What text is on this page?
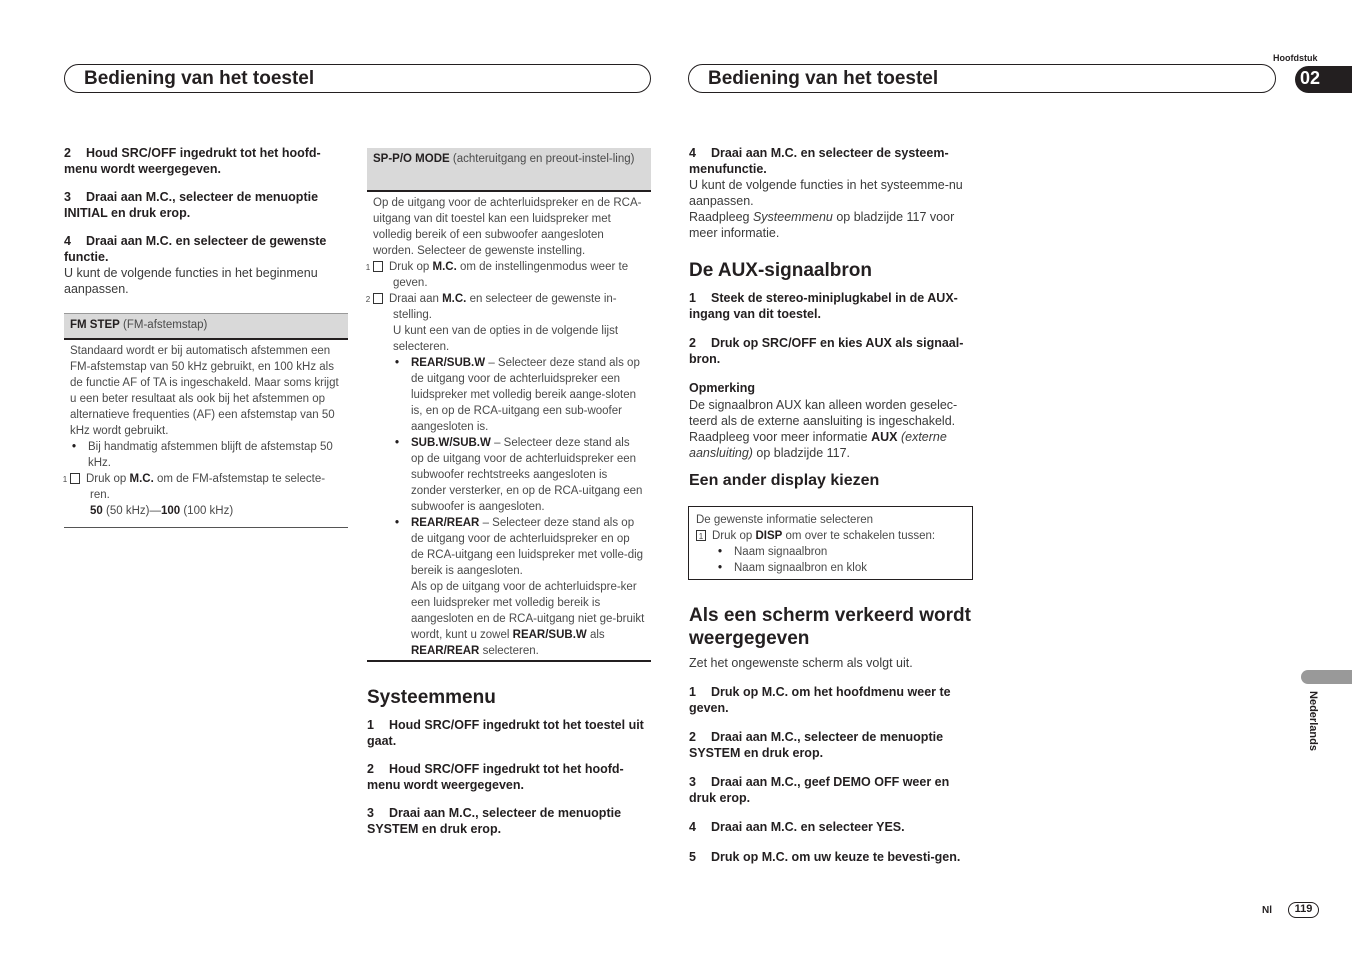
Bediening van het toestel	Bediening van het toestel
Hoofdstuk
02
Nederlands
Nl	119
2 Houd SRC/OFF ingedrukt tot het hoofd-menu wordt weergegeven.
3 Draai aan M.C., selecteer de menuoptie INITIAL en druk erop.
4 Draai aan M.C. en selecteer de gewenste functie.
U kunt de volgende functies in het beginmenu aanpassen.
FM STEP (FM-afstemstap)
Standaard wordt er bij automatisch afstemmen een FM-afstemstap van 50 kHz gebruikt, en 100 kHz als de functie AF of TA is ingeschakeld. Maar soms krijgt u een beter resultaat als ook bij het afstemmen op alternatieve frequenties (AF) een afstemstap van 50 kHz wordt gebruikt.
• Bij handmatig afstemmen blijft de afstemstap 50 kHz.
1 Druk op M.C. om de FM-afstemstap te selecte-ren.
50 (50 kHz)—100 (100 kHz)
SP-P/O MODE (achteruitgang en preout-instel-ling)
Op de uitgang voor de achterluidspreker en de RCA-uitgang van dit toestel kan een luidspreker met volledig bereik of een subwoofer aangesloten worden. Selecteer de gewenste instelling.
1 Druk op M.C. om de instellingenmodus weer te geven.
2 Draai aan M.C. en selecteer de gewenste in-stelling.
U kunt een van de opties in de volgende lijst selecteren.
• REAR/SUB.W – Selecteer deze stand als op de uitgang voor de achterluidspreker een luidspreker met volledig bereik aange-sloten is, en op de RCA-uitgang een sub-woofer aangesloten is.
• SUB.W/SUB.W – Selecteer deze stand als op de uitgang voor de achterluidspreker een subwoofer rechtstreeks aangesloten is zonder versterker, en op de RCA-uitgang een subwoofer is aangesloten.
• REAR/REAR – Selecteer deze stand als op de uitgang voor de achterluidspreker en op de RCA-uitgang een luidspreker met volle-dig bereik is aangesloten.
Als op de uitgang voor de achterluidspre-ker een luidspreker met volledig bereik is aangesloten en de RCA-uitgang niet ge-bruikt wordt, kunt u zowel REAR/SUB.W als REAR/REAR selecteren.
Systeemmenu
1 Houd SRC/OFF ingedrukt tot het toestel uit gaat.
2 Houd SRC/OFF ingedrukt tot het hoofd-menu wordt weergegeven.
3 Draai aan M.C., selecteer de menuoptie SYSTEM en druk erop.
4 Draai aan M.C. en selecteer de systeem-menufunctie.
U kunt de volgende functies in het systeemme-nu aanpassen.
Raadpleeg Systeemmenu op bladzijde 117 voor meer informatie.
De AUX-signaalbron
1 Steek de stereo-miniplugkabel in de AUX-ingang van dit toestel.
2 Druk op SRC/OFF en kies AUX als signaal-bron.
Opmerking
De signaalbron AUX kan alleen worden geselec-teerd als de externe aansluiting is ingeschakeld.
Raadpleeg voor meer informatie AUX (externe aansluiting) op bladzijde 117.
Een ander display kiezen
De gewenste informatie selecteren
1 Druk op DISP om over te schakelen tussen:
• Naam signaalbron
• Naam signaalbron en klok
Als een scherm verkeerd wordt weergegeven
Zet het ongewenste scherm als volgt uit.
1 Druk op M.C. om het hoofdmenu weer te geven.
2 Draai aan M.C., selecteer de menuoptie SYSTEM en druk erop.
3 Draai aan M.C., geef DEMO OFF weer en druk erop.
4 Draai aan M.C. en selecteer YES.
5 Druk op M.C. om uw keuze te bevesti-gen.
